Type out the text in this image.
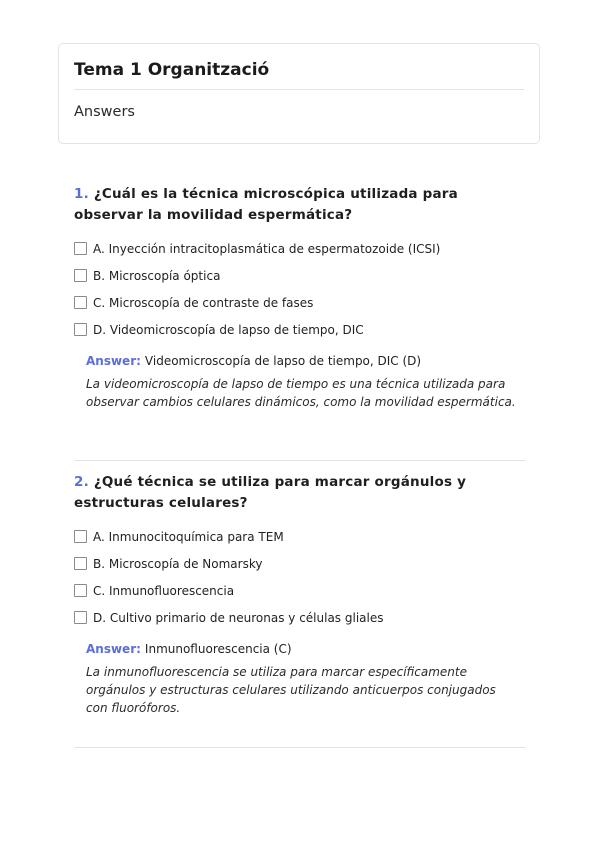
Tema 1 Organització
Answers
1. ¿Cuál es la técnica microscópica utilizada para observar la movilidad espermática?
A. Inyección intracitoplasmática de espermatozoide (ICSI)
B. Microscopía óptica
C. Microscopía de contraste de fases
D. Videomicroscopía de lapso de tiempo, DIC
Answer: Videomicroscopía de lapso de tiempo, DIC (D)
La videomicroscopía de lapso de tiempo es una técnica utilizada para observar cambios celulares dinámicos, como la movilidad espermática.
2. ¿Qué técnica se utiliza para marcar orgánulos y estructuras celulares?
A. Inmunocitoquímica para TEM
B. Microscopía de Nomarsky
C. Inmunofluorescencia
D. Cultivo primario de neuronas y células gliales
Answer: Inmunofluorescencia (C)
La inmunofluorescencia se utiliza para marcar específicamente orgánulos y estructuras celulares utilizando anticuerpos conjugados con fluoróforos.
